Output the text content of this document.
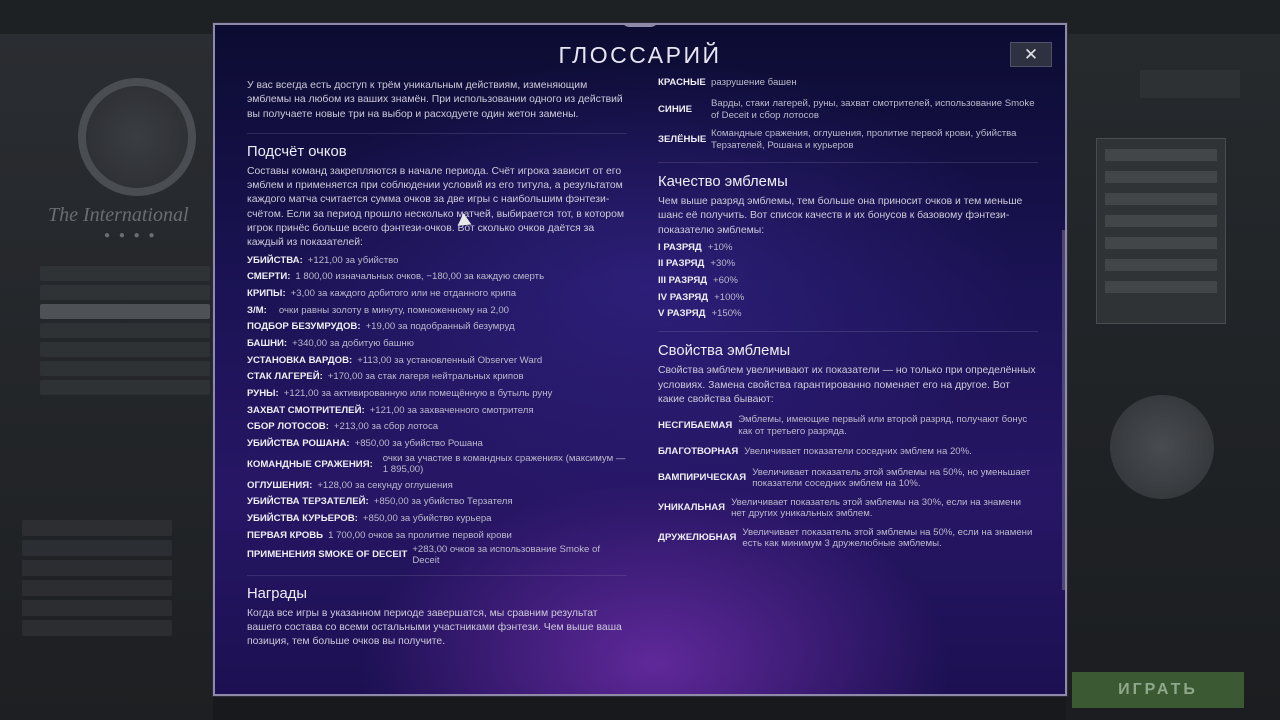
The International
● ● ● ●
ИГРАТЬ
ГЛОССАРИЙ	✕

У вас всегда есть доступ к трём уникальным действиям, изменяющим эмблемы на любом из ваших знамён. При использовании одного из действий вы получаете новые три на выбор и расходуете один жетон замены.

Подсчёт очков

Составы команд закрепляются в начале периода. Счёт игрока зависит от его эмблем и применяется при соблюдении условий из его титула, а результатом каждого матча считается сумма очков за две игры с наибольшим фэнтези-счётом. Если за период прошло несколько матчей, выбирается тот, в котором игрок принёс больше всего фэнтези-очков. Вот сколько очков даётся за каждый из показателей:

УБИЙСТВА: +121,00 за убийство
СМЕРТИ: 1 800,00 изначальных очков, −180,00 за каждую смерть
КРИПЫ: +3,00 за каждого добитого или не отданного крипа
З/М: очки равны золоту в минуту, помноженному на 2,00
ПОДБОР БЕЗУМРУДОВ: +19,00 за подобранный безумруд
БАШНИ: +340,00 за добитую башню
УСТАНОВКА ВАРДОВ: +113,00 за установленный Observer Ward
СТАК ЛАГЕРЕЙ: +170,00 за стак лагеря нейтральных крипов
РУНЫ: +121,00 за активированную или помещённую в бутыль руну
ЗАХВАТ СМОТРИТЕЛЕЙ: +121,00 за захваченного смотрителя
СБОР ЛОТОСОВ: +213,00 за сбор лотоса
УБИЙСТВА РОШАНА: +850,00 за убийство Рошана
КОМАНДНЫЕ СРАЖЕНИЯ: очки за участие в командных сражениях (максимум — 1 895,00)
ОГЛУШЕНИЯ: +128,00 за секунду оглушения
УБИЙСТВА ТЕРЗАТЕЛЕЙ: +850,00 за убийство Терзателя
УБИЙСТВА КУРЬЕРОВ: +850,00 за убийство курьера
ПЕРВАЯ КРОВЬ 1 700,00 очков за пролитие первой крови
ПРИМЕНЕНИЯ SMOKE OF DECEIT +283,00 очков за использование Smoke of Deceit
Награды

Когда все игры в указанном периоде завершатся, мы сравним результат вашего состава со всеми остальными участниками фэнтези. Чем выше ваша позиция, тем больше очков вы получите.

КРАСНЫЕ разрушение башен
СИНИЕ
Варды, стаки лагерей, руны, захват смотрителей, использование Smoke of Deceit и сбор лотосов
ЗЕЛЁНЫЕ
Командные сражения, оглушения, пролитие первой крови, убийства Терзателей, Рошана и курьеров
Качество эмблемы

Чем выше разряд эмблемы, тем больше она приносит очков и тем меньше шанс её получить. Вот список качеств и их бонусов к базовому фэнтези-показателю эмблемы:

I РАЗРЯД +10%
II РАЗРЯД +30%
III РАЗРЯД +60%
IV РАЗРЯД +100%
V РАЗРЯД +150%
Свойства эмблемы

Свойства эмблем увеличивают их показатели — но только при определённых условиях. Замена свойства гарантированно поменяет его на другое. Вот какие свойства бывают:

НЕСГИБАЕМАЯ
Эмблемы, имеющие первый или второй разряд, получают бонус как от третьего разряда.
БЛАГОТВОРНАЯ Увеличивает показатели соседних эмблем на 20%.
ВАМПИРИЧЕСКАЯ
Увеличивает показатель этой эмблемы на 50%, но уменьшает показатели соседних эмблем на 10%.
УНИКАЛЬНАЯ
Увеличивает показатель этой эмблемы на 30%, если на знамени нет других уникальных эмблем.
ДРУЖЕЛЮБНАЯ
Увеличивает показатель этой эмблемы на 50%, если на знамени есть как минимум 3 дружелюбные эмблемы.
